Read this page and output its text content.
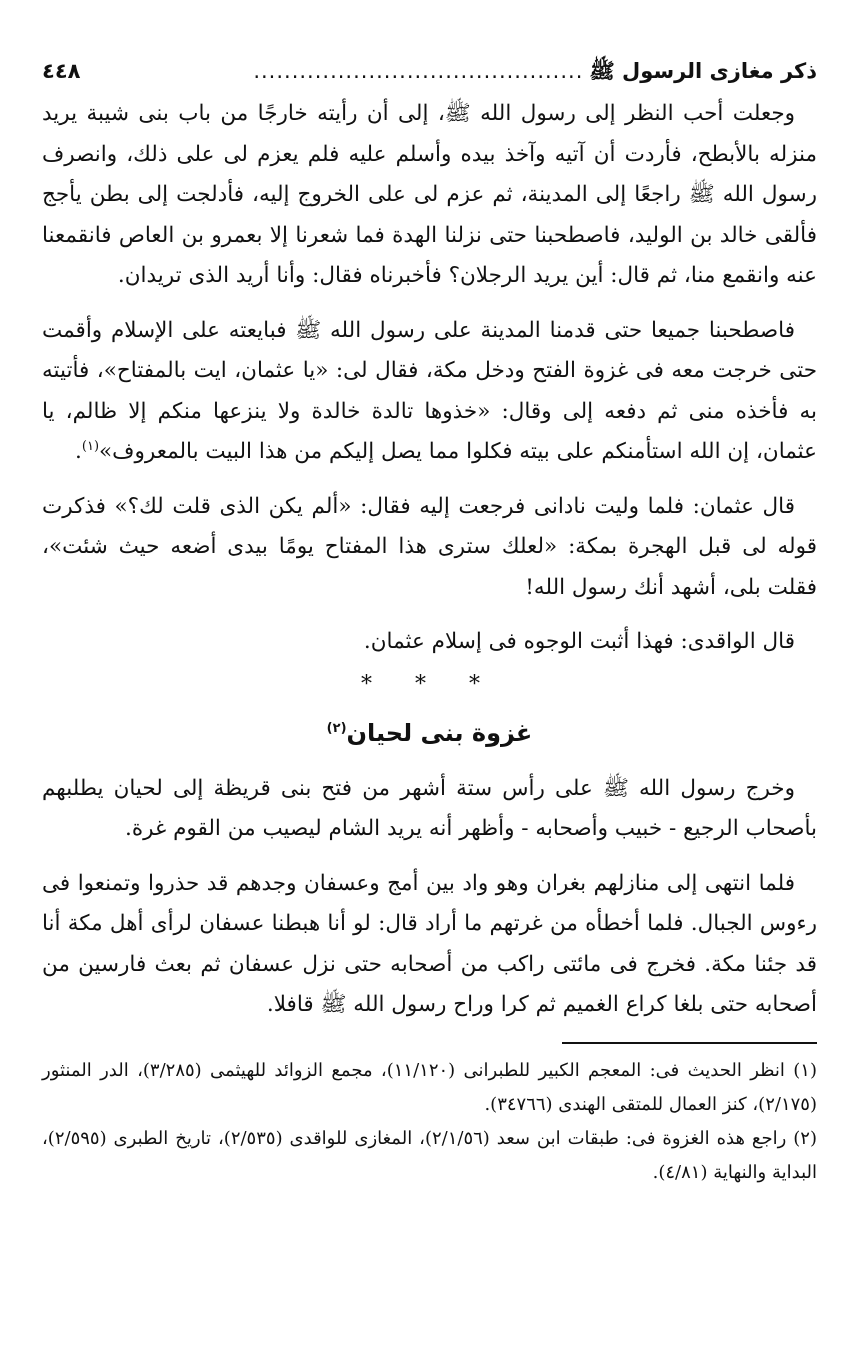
ذكر مغازى الرسول ﷺ
...........................................
٤٤٨

وجعلت أحب النظر إلى رسول الله ﷺ، إلى أن رأيته خارجًا من باب بنى شيبة يريد منزله بالأبطح، فأردت أن آتيه وآخذ بيده وأسلم عليه فلم يعزم لى على ذلك، وانصرف رسول الله ﷺ راجعًا إلى المدينة، ثم عزم لى على الخروج إليه، فأدلجت إلى بطن يأجج فألقى خالد بن الوليد، فاصطحبنا حتى نزلنا الهدة فما شعرنا إلا بعمرو بن العاص فانقمعنا عنه وانقمع منا، ثم قال: أين يريد الرجلان؟ فأخبرناه فقال: وأنا أريد الذى تريدان.

فاصطحبنا جميعا حتى قدمنا المدينة على رسول الله ﷺ فبايعته على الإسلام وأقمت حتى خرجت معه فى غزوة الفتح ودخل مكة، فقال لى: «يا عثمان، ايت بالمفتاح»، فأتيته به فأخذه منى ثم دفعه إلى وقال: «خذوها تالدة خالدة ولا ينزعها منكم إلا ظالم، يا عثمان، إن الله استأمنكم على بيته فكلوا مما يصل إليكم من هذا البيت بالمعروف»$^{(١)}$.

قال عثمان: فلما وليت نادانى فرجعت إليه فقال: «ألم يكن الذى قلت لك؟» فذكرت قوله لى قبل الهجرة بمكة: «لعلك سترى هذا المفتاح يومًا بيدى أضعه حيث شئت»، فقلت بلى، أشهد أنك رسول الله!

قال الواقدى: فهذا أثبت الوجوه فى إسلام عثمان.

* * *
غزوة بنى لحيان$^{(٢)}$

وخرج رسول الله ﷺ على رأس ستة أشهر من فتح بنى قريظة إلى لحيان يطلبهم بأصحاب الرجيع - خبيب وأصحابه - وأظهر أنه يريد الشام ليصيب من القوم غرة.

فلما انتهى إلى منازلهم بغران وهو واد بين أمج وعسفان وجدهم قد حذروا وتمنعوا فى رءوس الجبال. فلما أخطأه من غرتهم ما أراد قال: لو أنا هبطنا عسفان لرأى أهل مكة أنا قد جئنا مكة. فخرج فى مائتى راكب من أصحابه حتى نزل عسفان ثم بعث فارسين من أصحابه حتى بلغا كراع الغميم ثم كرا وراح رسول الله ﷺ قافلا.

(١) انظر الحديث فى: المعجم الكبير للطبرانى (١١/١٢٠)، مجمع الزوائد للهيثمى (٣/٢٨٥)، الدر المنثور (٢/١٧٥)، كنز العمال للمتقى الهندى (٣٤٧٦٦).

(٢) راجع هذه الغزوة فى: طبقات ابن سعد (٢/١/٥٦)، المغازى للواقدى (٢/٥٣٥)، تاريخ الطبرى (٢/٥٩٥)، البداية والنهاية (٤/٨١).
